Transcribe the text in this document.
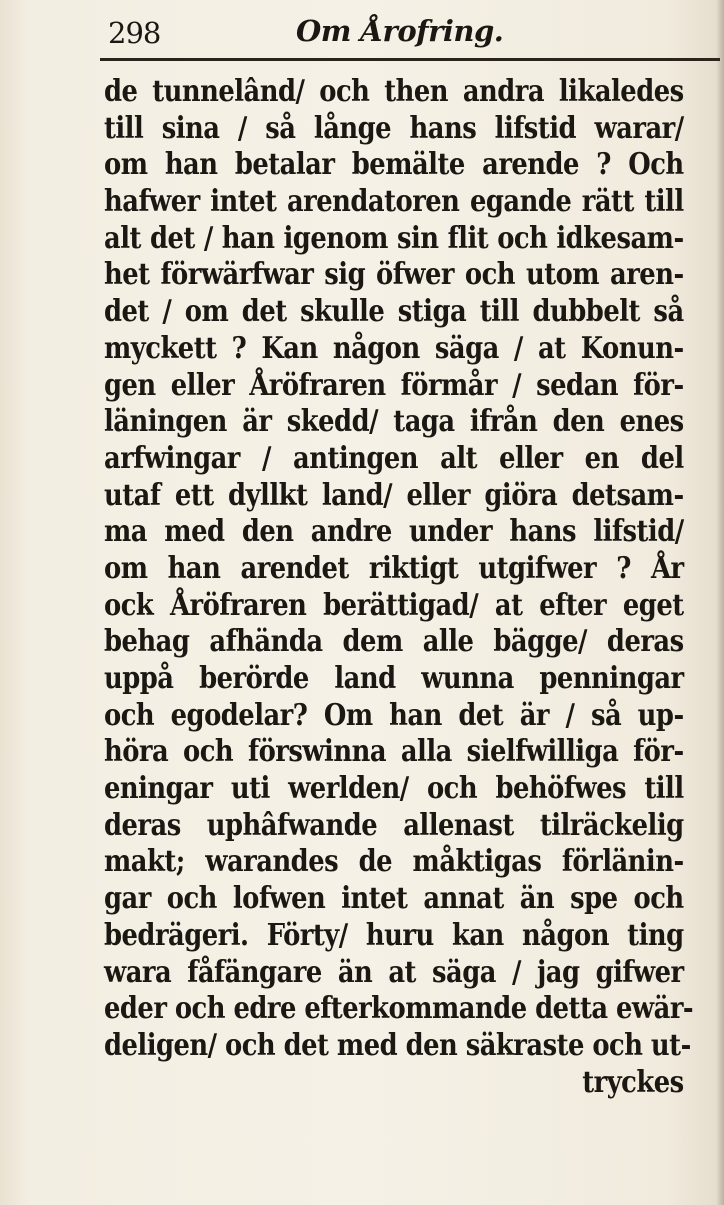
298	Om Årofring.
de tunnelând/ och then andra likaledes
till sina / så långe hans lifstid warar/
om han betalar bemälte arende ? Och
hafwer intet arendatoren egande rätt till
alt det / han igenom sin flit och idkesam-
het förwärfwar sig öfwer och utom aren-
det / om det skulle stiga till dubbelt så
myckett ? Kan någon säga / at Konun-
gen eller Åröfraren förmår / sedan för-
läningen är skedd/ taga ifrån den enes
arfwingar / antingen alt eller en del
utaf ett dyllkt land/ eller giöra detsam-
ma med den andre under hans lifstid/
om han arendet riktigt utgifwer ? År
ock Åröfraren berättigad/ at efter eget
behag afhända dem alle bägge/ deras
uppå berörde land wunna penningar
och egodelar? Om han det är / så up-
höra och förswinna alla sielfwilliga för-
eningar uti werlden/ och behöfwes till
deras uphâfwande allenast tilräckelig
makt; warandes de måktigas förlänin-
gar och lofwen intet annat än spe och
bedrägeri. Förty/ huru kan någon ting
wara fåfängare än at säga / jag gifwer
eder och edre efterkommande detta ewär-
deligen/ och det med den säkraste och ut-
tryckes
